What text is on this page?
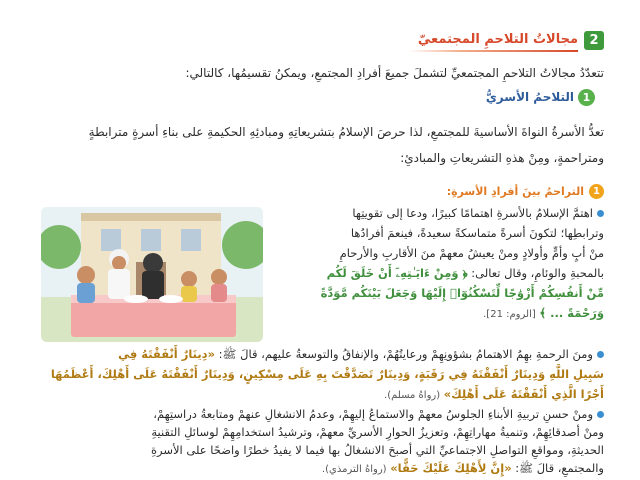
2
مجالاتُ التلاحمِ المجتمعيّ
تتعدّدُ مجالاتُ التلاحمِ المجتمعيِّ لتشملَ جميعَ أفرادِ المجتمعِ، ويمكنُ تقسيمُها، كالتالي:
1
التلاحمُ الأسريُّ
تعدُّ الأسرةُ النواةَ الأساسيةَ للمجتمعِ، لذا حرصَ الإسلامُ بتشريعاتِهِ ومبادئِهِ الحكيمةِ على بناءِ أسرةٍ مترابطةٍ
ومتراحمةٍ، ومِنْ هذهِ التشريعاتِ والمبادئِ:
1
التراحمُ بينَ أفرادِ الأسرةِ:
اهتمَّ الإسلامُ بالأسرةِ اهتمامًا كبيرًا، ودعا إلى تقويتِها
وترابطِها؛ لتكونَ أسرةً متماسكةً سعيدةً، فينعمَ أفرادُها
منْ أبٍ وأمٍّ وأولادٍ ومنْ يعيشُ معهمْ منَ الأقاربِ والأرحامِ
بالمحبةِ والوئامِ، وقال تعالى: ﴿ وَمِنْ ءَايَـٰتِهِۦٓ أَنْ خَلَقَ لَكُم
مِّنْ أَنفُسِكُمْ أَزْوَٰجًا لِّتَسْكُنُوٓا۟ إِلَيْهَا وَجَعَلَ بَيْنَكُم مَّوَدَّةً
وَرَحْمَةً ... ﴾ [الروم: 21].
ومنَ الرحمةِ بهِمُ الاهتمامُ بشؤونِهِمْ ورعايتُهُمْ، والإنفاقُ والتوسعةُ عليهم، قالَ ﷺ: «دِينَارٌ أَنْفَقْتَهُ فِي
سَبِيلِ اللَّهِ وَدِينَارٌ أَنْفَقْتَهُ فِي رَقَبَةٍ، وَدِينَارٌ تَصَدَّقْتَ بِهِ عَلَى مِسْكِينٍ، وَدِينَارٌ أَنْفَقْتَهُ عَلَى أَهْلِكَ، أَعْظَمُهَا
أَجْرًا الَّذِي أَنْفَقْتَهُ عَلَى أَهْلِكَ» (رواهُ مسلم).
ومنْ حسنِ تربيةِ الأبناءِ الجلوسُ معهمْ والاستماعُ إليهِمْ، وعدمُ الانشغالِ عنهمْ ومتابعةُ دراستِهِمْ،
ومنْ أصدقائِهِمْ، وتنميةُ مهاراتِهِمْ، وتعزيزُ الحوارِ الأسريِّ معهمْ، وترشيدُ استخدامِهِمْ لوسائلِ التقنيةِ
الحديثةِ، ومواقعِ التواصلِ الاجتماعيِّ التي أصبحَ الانشغالُ بها فيما لا يفيدُ خطرًا واضحًا على الأسرةِ
والمجتمعِ، قالَ ﷺ: «إِنَّ لِأَهْلِكَ عَلَيْكَ حَقًّا» (رواهُ الترمذي).
